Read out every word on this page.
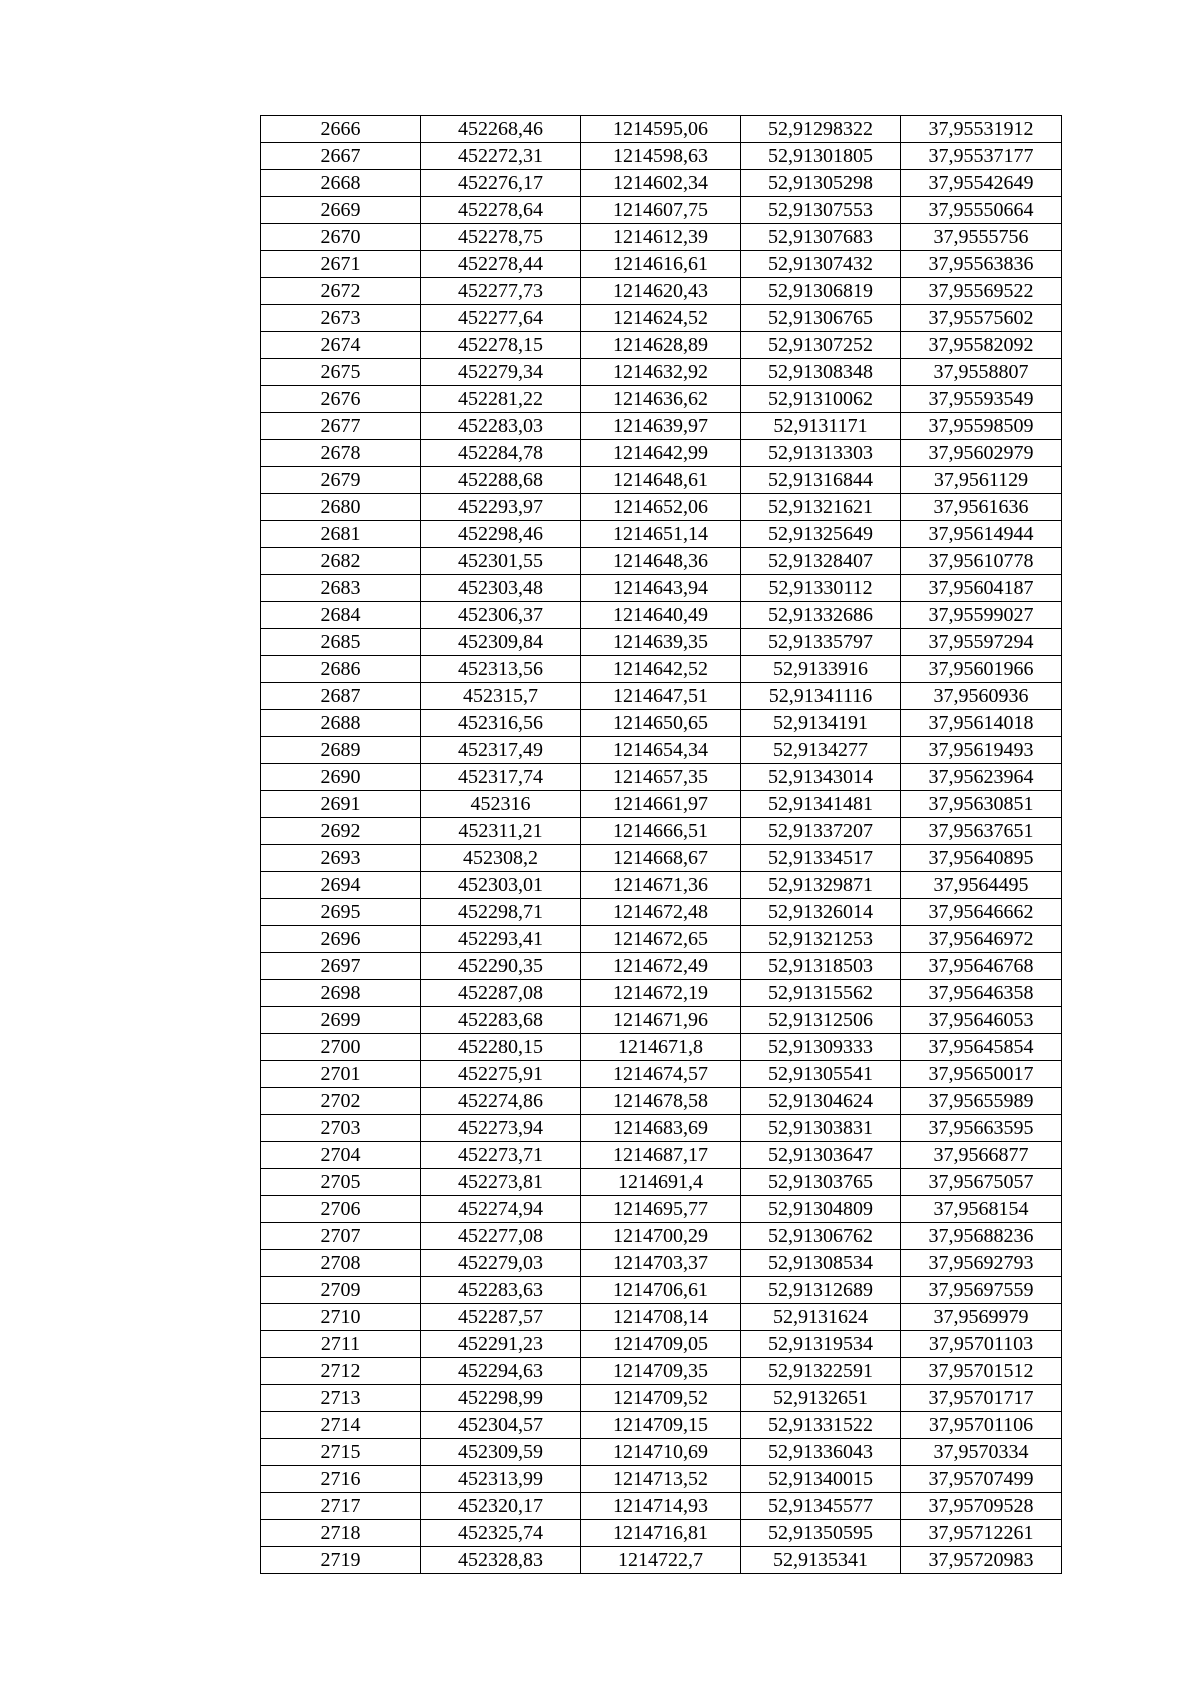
2666	452268,46	1214595,06	52,91298322	37,95531912
2667	452272,31	1214598,63	52,91301805	37,95537177
2668	452276,17	1214602,34	52,91305298	37,95542649
2669	452278,64	1214607,75	52,91307553	37,95550664
2670	452278,75	1214612,39	52,91307683	37,9555756
2671	452278,44	1214616,61	52,91307432	37,95563836
2672	452277,73	1214620,43	52,91306819	37,95569522
2673	452277,64	1214624,52	52,91306765	37,95575602
2674	452278,15	1214628,89	52,91307252	37,95582092
2675	452279,34	1214632,92	52,91308348	37,9558807
2676	452281,22	1214636,62	52,91310062	37,95593549
2677	452283,03	1214639,97	52,9131171	37,95598509
2678	452284,78	1214642,99	52,91313303	37,95602979
2679	452288,68	1214648,61	52,91316844	37,9561129
2680	452293,97	1214652,06	52,91321621	37,9561636
2681	452298,46	1214651,14	52,91325649	37,95614944
2682	452301,55	1214648,36	52,91328407	37,95610778
2683	452303,48	1214643,94	52,91330112	37,95604187
2684	452306,37	1214640,49	52,91332686	37,95599027
2685	452309,84	1214639,35	52,91335797	37,95597294
2686	452313,56	1214642,52	52,9133916	37,95601966
2687	452315,7	1214647,51	52,91341116	37,9560936
2688	452316,56	1214650,65	52,9134191	37,95614018
2689	452317,49	1214654,34	52,9134277	37,95619493
2690	452317,74	1214657,35	52,91343014	37,95623964
2691	452316	1214661,97	52,91341481	37,95630851
2692	452311,21	1214666,51	52,91337207	37,95637651
2693	452308,2	1214668,67	52,91334517	37,95640895
2694	452303,01	1214671,36	52,91329871	37,9564495
2695	452298,71	1214672,48	52,91326014	37,95646662
2696	452293,41	1214672,65	52,91321253	37,95646972
2697	452290,35	1214672,49	52,91318503	37,95646768
2698	452287,08	1214672,19	52,91315562	37,95646358
2699	452283,68	1214671,96	52,91312506	37,95646053
2700	452280,15	1214671,8	52,91309333	37,95645854
2701	452275,91	1214674,57	52,91305541	37,95650017
2702	452274,86	1214678,58	52,91304624	37,95655989
2703	452273,94	1214683,69	52,91303831	37,95663595
2704	452273,71	1214687,17	52,91303647	37,9566877
2705	452273,81	1214691,4	52,91303765	37,95675057
2706	452274,94	1214695,77	52,91304809	37,9568154
2707	452277,08	1214700,29	52,91306762	37,95688236
2708	452279,03	1214703,37	52,91308534	37,95692793
2709	452283,63	1214706,61	52,91312689	37,95697559
2710	452287,57	1214708,14	52,9131624	37,9569979
2711	452291,23	1214709,05	52,91319534	37,95701103
2712	452294,63	1214709,35	52,91322591	37,95701512
2713	452298,99	1214709,52	52,9132651	37,95701717
2714	452304,57	1214709,15	52,91331522	37,95701106
2715	452309,59	1214710,69	52,91336043	37,9570334
2716	452313,99	1214713,52	52,91340015	37,95707499
2717	452320,17	1214714,93	52,91345577	37,95709528
2718	452325,74	1214716,81	52,91350595	37,95712261
2719	452328,83	1214722,7	52,9135341	37,95720983
